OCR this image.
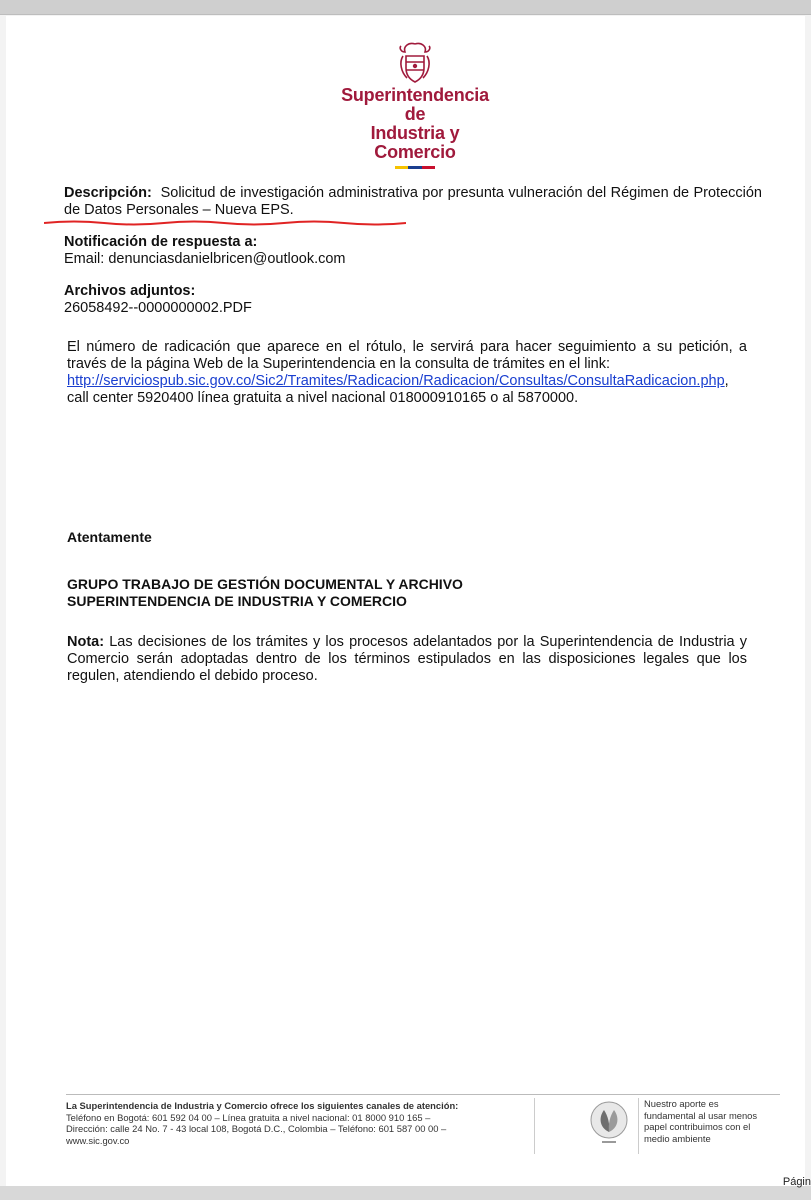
Superintendencia de
Industria y Comercio
Descripción: Solicitud de investigación administrativa por presunta vulneración del Régimen de Protección de Datos Personales – Nueva EPS.
Notificación de respuesta a:
Email: denunciasdanielbricen@outlook.com
Archivos adjuntos:
26058492--0000000002.PDF
El número de radicación que aparece en el rótulo, le servirá para hacer seguimiento a su petición, a través de la página Web de la Superintendencia en la consulta de trámites en el link:
http://serviciospub.sic.gov.co/Sic2/Tramites/Radicacion/Radicacion/Consultas/ConsultaRadicacion.php, call center 5920400 línea gratuita a nivel nacional 018000910165 o al 5870000.
Atentamente
GRUPO TRABAJO DE GESTIÓN DOCUMENTAL Y ARCHIVO
SUPERINTENDENCIA DE INDUSTRIA Y COMERCIO
Nota: Las decisiones de los trámites y los procesos adelantados por la Superintendencia de Industria y Comercio serán adoptadas dentro de los términos estipulados en las disposiciones legales que los regulen, atendiendo el debido proceso.
La Superintendencia de Industria y Comercio ofrece los siguientes canales de atención:
Teléfono en Bogotá: 601 592 04 00 – Línea gratuita a nivel nacional: 01 8000 910 165 –
Dirección: calle 24 No. 7 - 43 local 108, Bogotá D.C., Colombia – Teléfono: 601 587 00 00 –
www.sic.gov.co
Nuestro aporte es
fundamental al usar menos
papel contribuimos con el
medio ambiente
Págin
